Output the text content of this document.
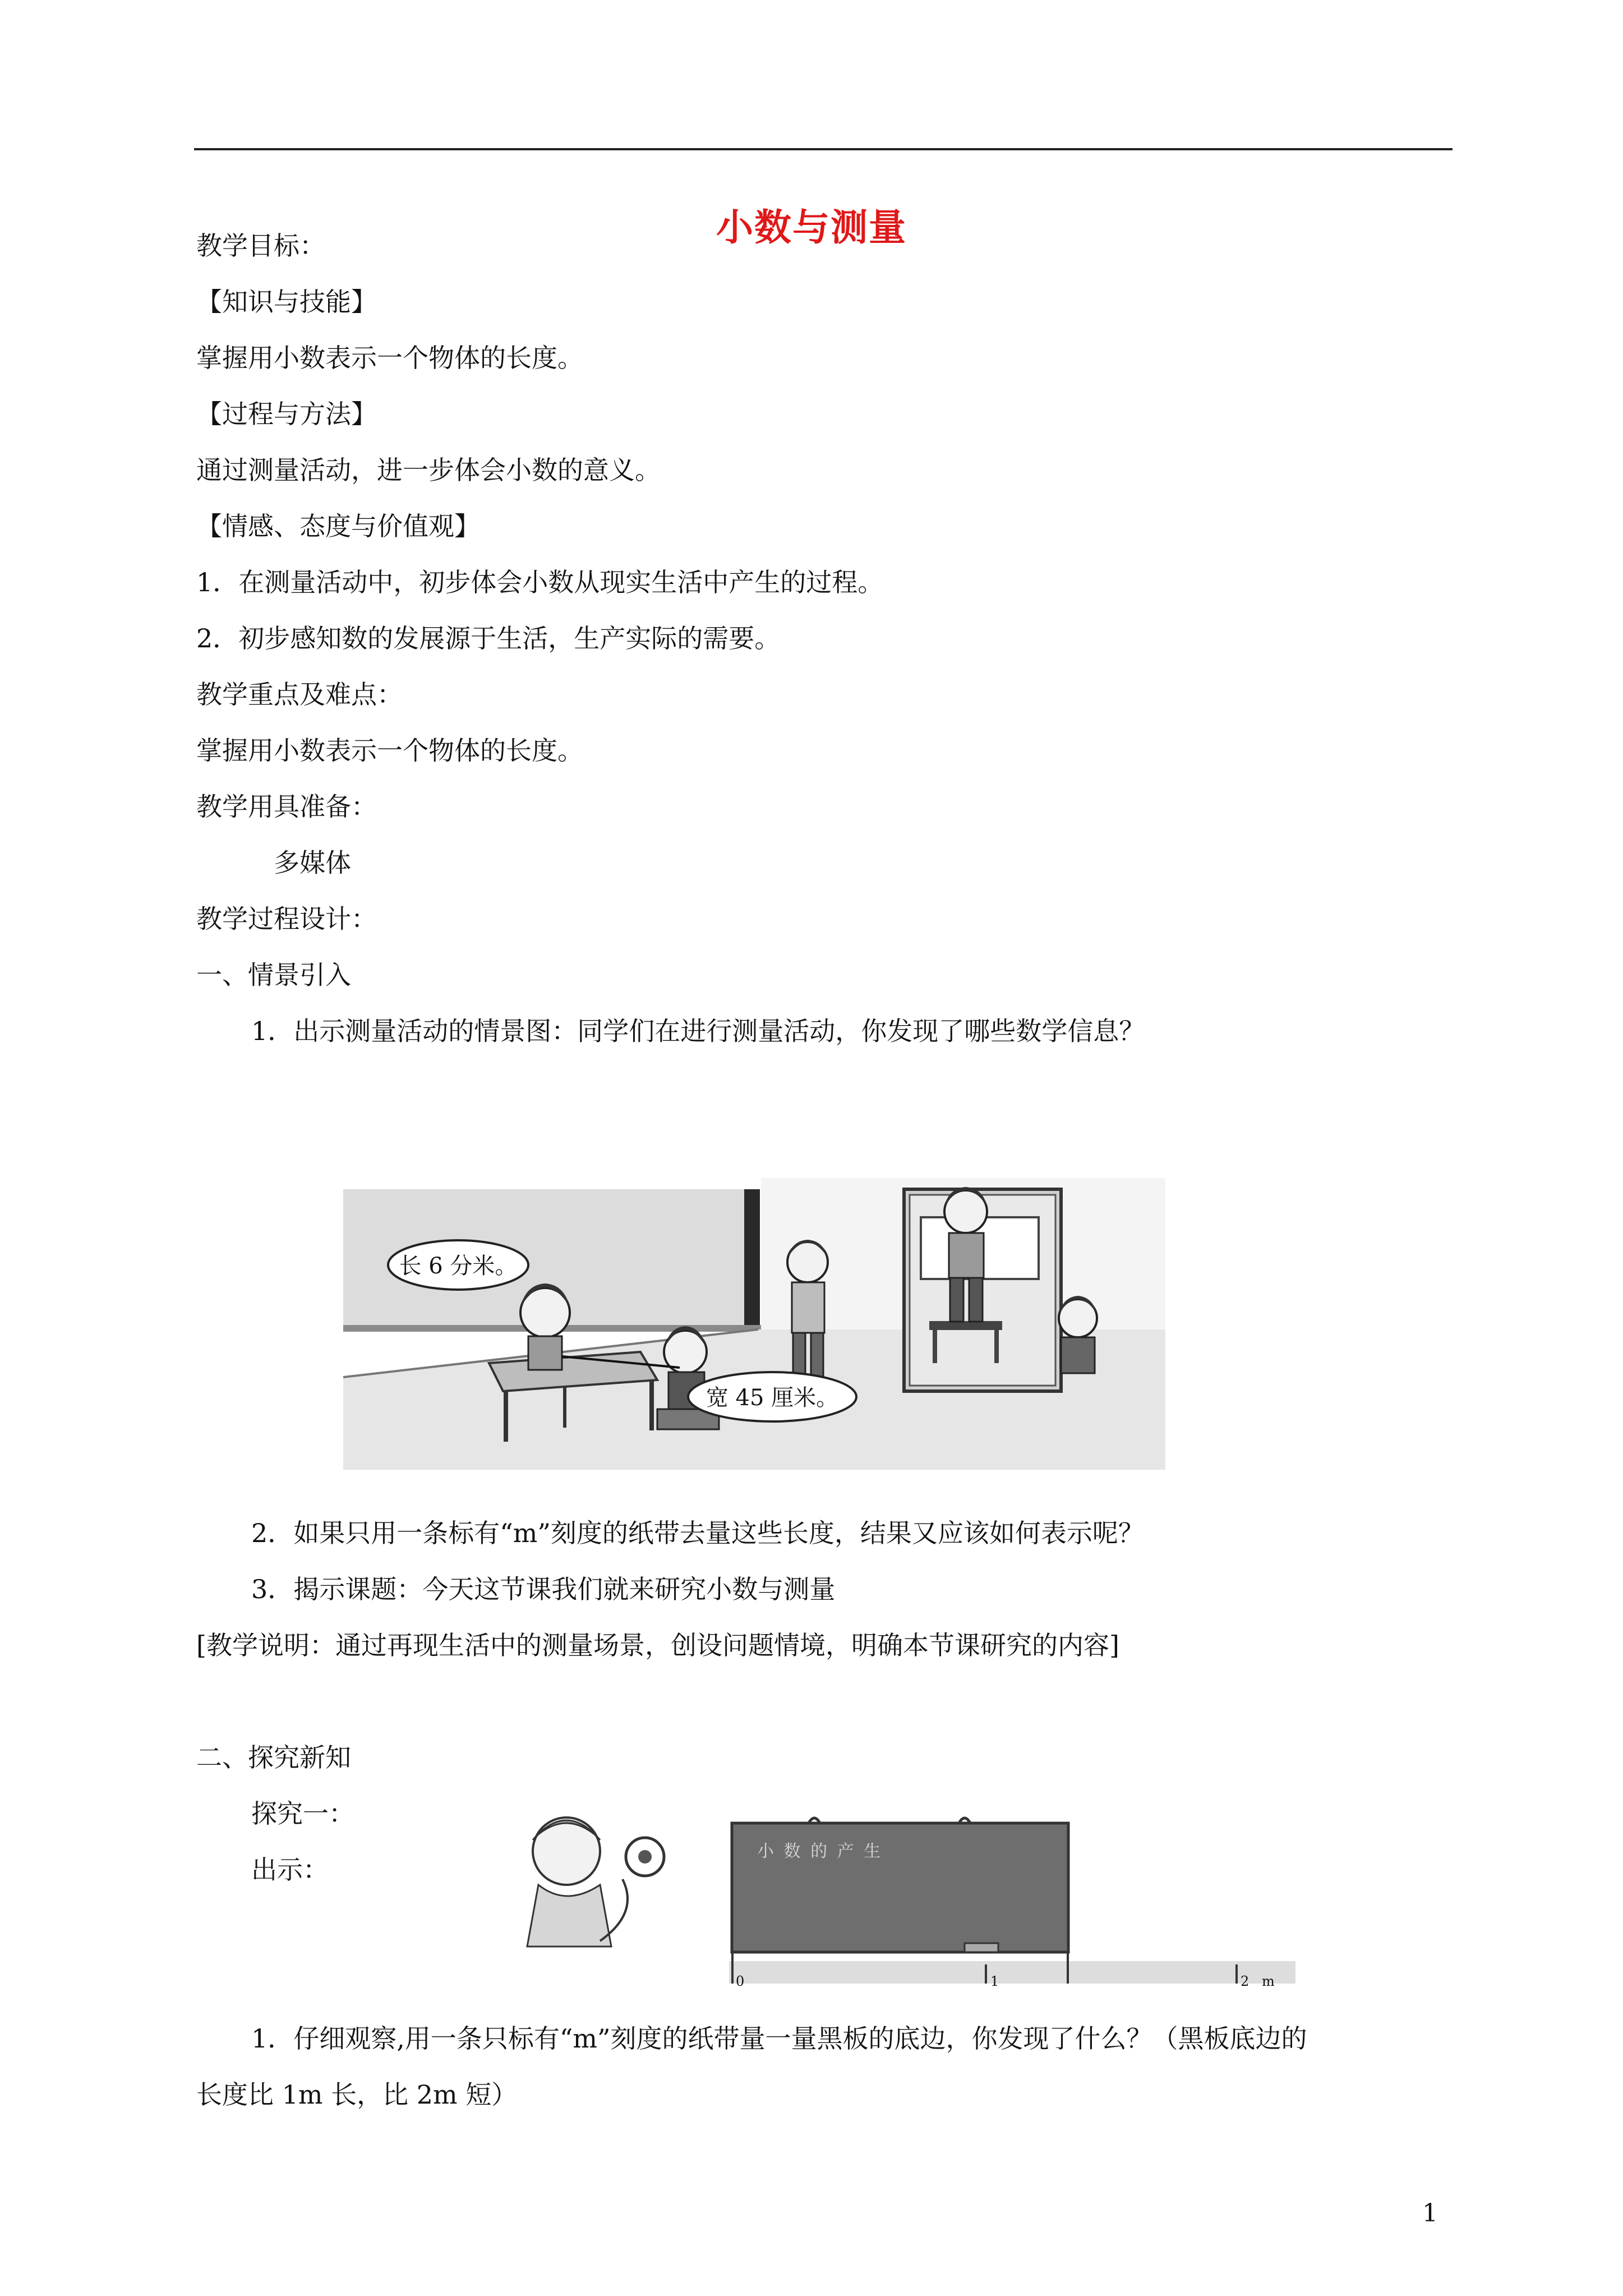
小数与测量
教学目标：
【知识与技能】
掌握用小数表示一个物体的长度。
【过程与方法】
通过测量活动，进一步体会小数的意义。
【情感、态度与价值观】
1．在测量活动中，初步体会小数从现实生活中产生的过程。
2．初步感知数的发展源于生活，生产实际的需要。
教学重点及难点：
掌握用小数表示一个物体的长度。
教学用具准备：
多媒体
教学过程设计：
一、情景引入
1．出示测量活动的情景图：同学们在进行测量活动，你发现了哪些数学信息？
长 6 分米。
宽 45 厘米。
2．如果只用一条标有“m”刻度的纸带去量这些长度，结果又应该如何表示呢？
3．揭示课题：今天这节课我们就来研究小数与测量
[教学说明：通过再现生活中的测量场景，创设问题情境，明确本节课研究的内容]
二、探究新知
探究一：
出示：
小 数 的 产 生
0	1	2 m
1．仔细观察,用一条只标有“m”刻度的纸带量一量黑板的底边，你发现了什么？（黑板底边的
长度比 1m 长，比 2m 短）
1
